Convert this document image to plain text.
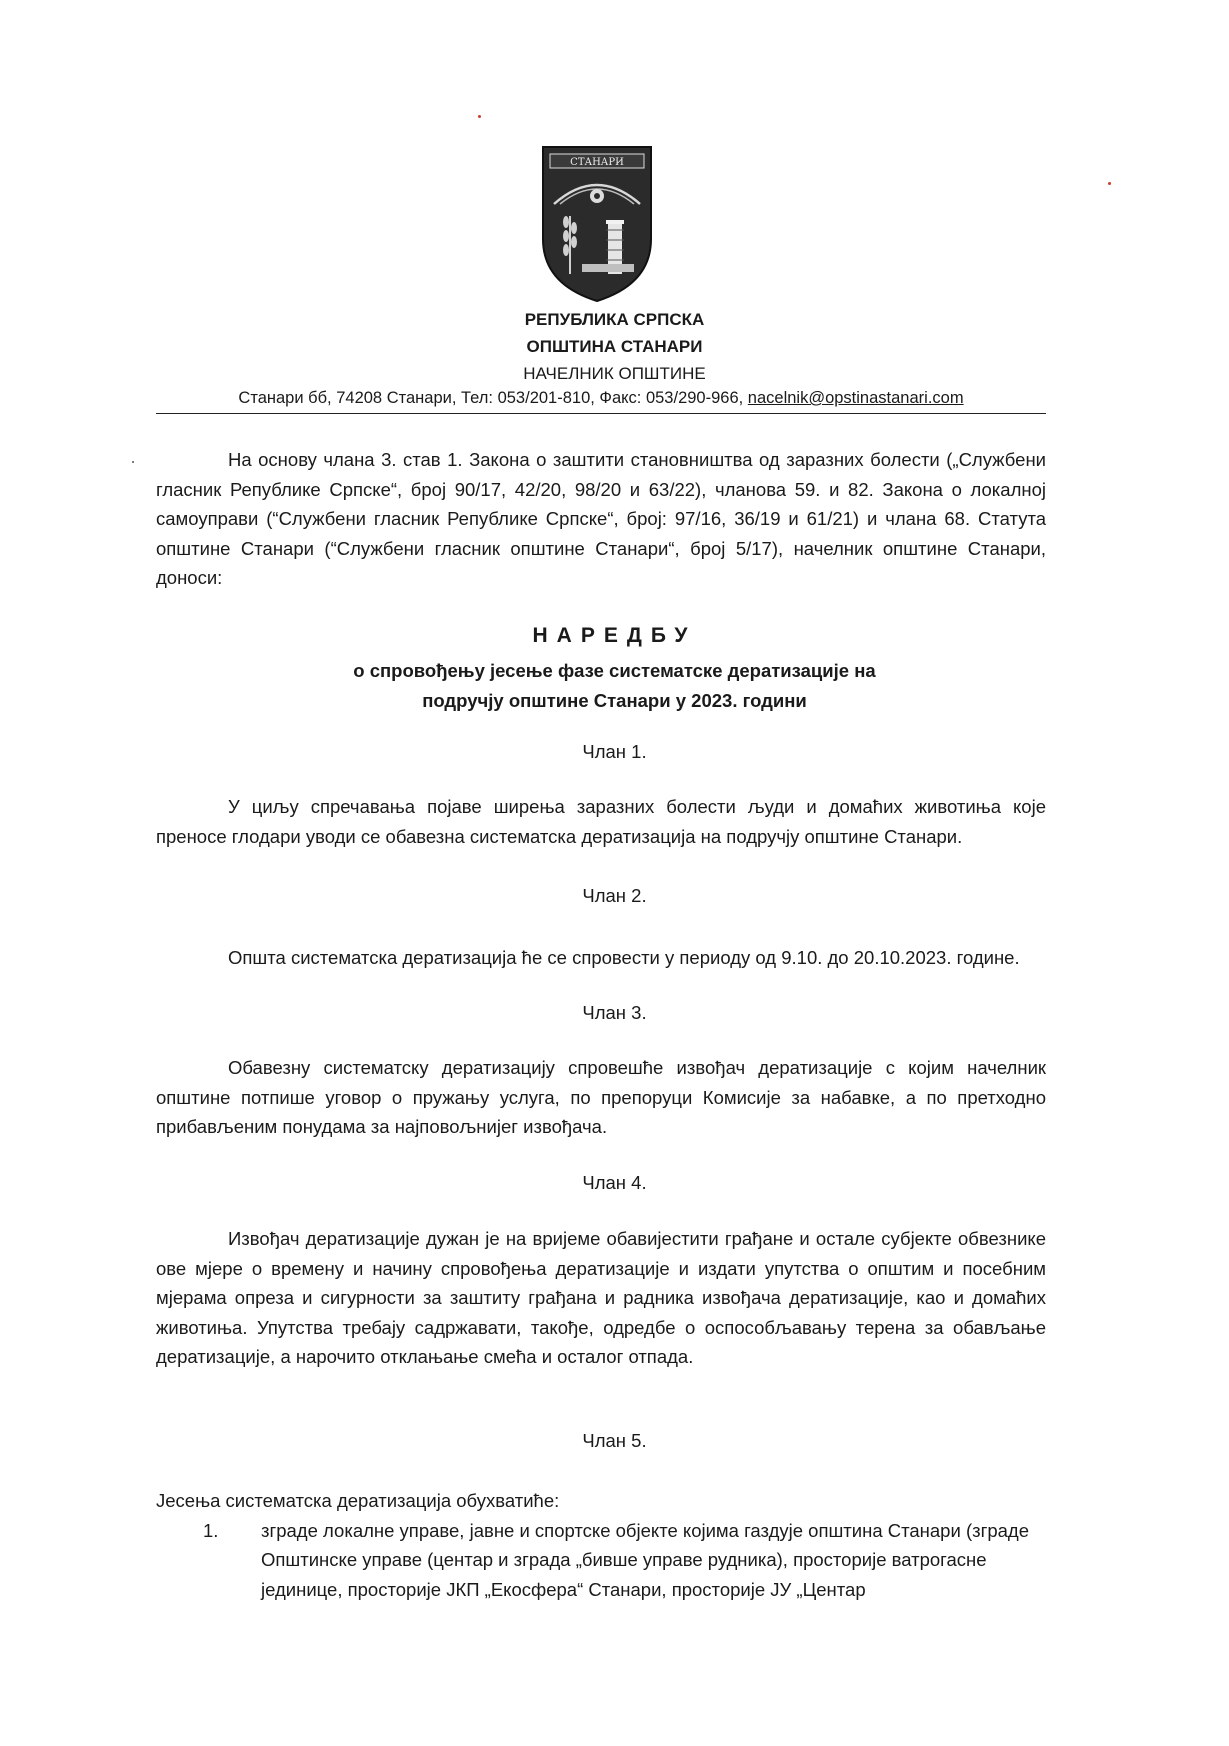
СТАНАРИ
РЕПУБЛИКА СРПСКА
ОПШТИНА СТАНАРИ
НАЧЕЛНИК ОПШТИНЕ
Станари бб, 74208 Станари, Тел: 053/201-810, Факс: 053/290-966, nacelnik@opstinastanari.com

На основу члана 3. став 1. Закона о заштити становништва од заразних болести („Службени гласник Републике Српске“, број 90/17, 42/20, 98/20 и 63/22), чланова 59. и 82. Закона о локалној самоуправи (“Службени гласник Републике Српске“, број: 97/16, 36/19 и 61/21) и члана 68. Статута општине Станари (“Службени гласник општине Станари“, број 5/17), начелник општине Станари, доноси:

НАРЕДБУ
о спровођењу јесење фазе систематске дератизације на
подручју општине Станари у 2023. години
Члан 1.

У циљу спречавања појаве ширења заразних болести људи и домаћих животиња које преносе глодари уводи се обавезна систематска дератизација на подручју општине Станари.

Члан 2.

Општа систематска дератизација ће се спровести у периоду од 9.10. до 20.10.2023. године.

Члан 3.

Обавезну систематску дератизацију спровешће извођач дератизације с којим начелник општине потпише уговор о пружању услуга, по препоруци Комисије за набавке, а по претходно прибављеним понудама за најповољнијег извођача.

Члан 4.

Извођач дератизације дужан је на вријеме обавијестити грађане и остале субјекте обвезнике ове мјере о времену и начину спровођења дератизације и издати упутства о општим и посебним мјерама опреза и сигурности за заштиту грађана и радника извођача дератизације, као и домаћих животиња. Упутства требају садржавати, такође, одредбе о оспособљавању терена за обављање дератизације, а нарочито отклањање смећа и осталог отпада.

Члан 5.
Јесења систематска дератизација обухватиће:
1.	зграде локалне управе, јавне и спортске објекте којима газдује општина Станари (зграде Општинске управе (центар и зграда „бивше управе рудника), просторије ватрогасне јединице, просторије ЈКП „Екосфера“ Станари, просторије ЈУ „Центар
